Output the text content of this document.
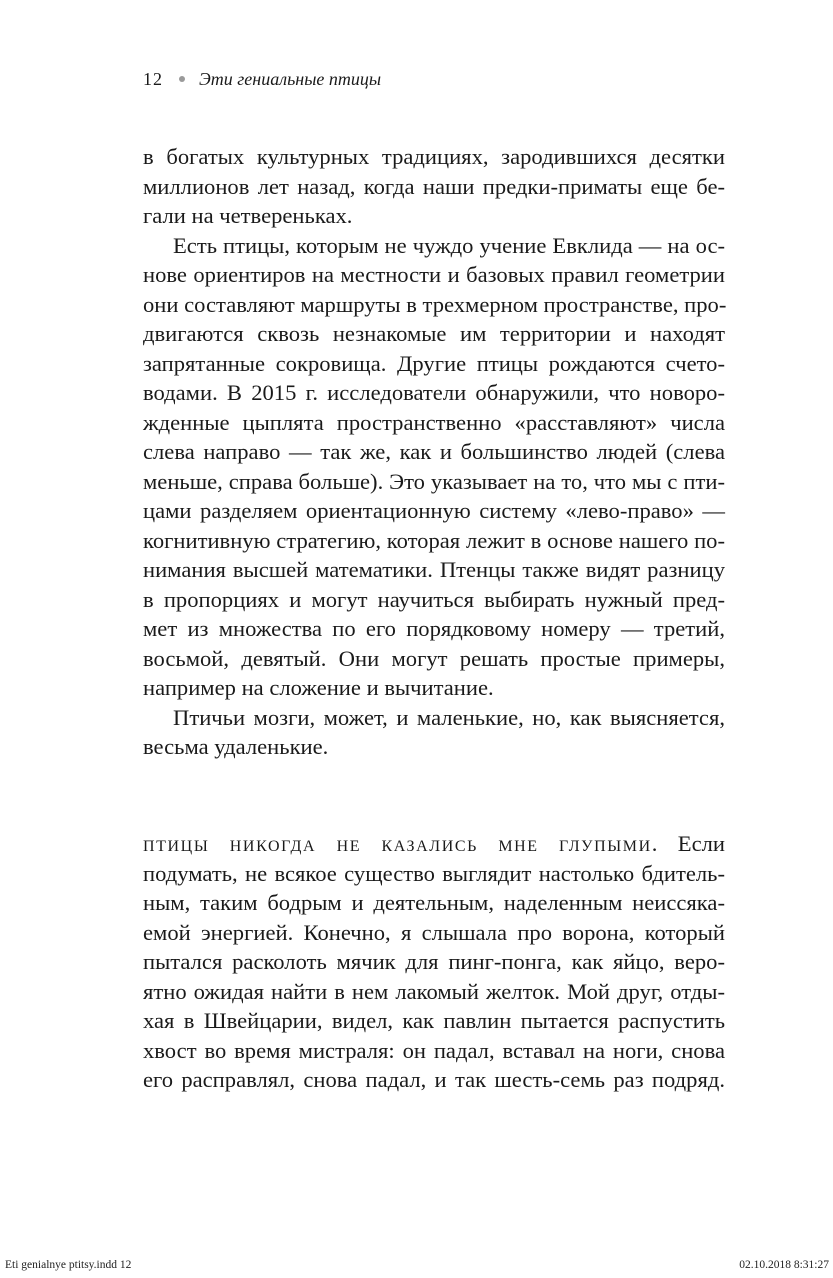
12 Эти гениальные птицы
в богатых культурных традициях, зародившихся десятки
миллионов лет назад, когда наши предки-приматы еще бе-
гали на четвереньках.
Есть птицы, которым не чуждо учение Евклида — на ос-
нове ориентиров на местности и базовых правил геометрии
они составляют маршруты в трехмерном пространстве, про-
двигаются сквозь незнакомые им территории и находят
запрятанные сокровища. Другие птицы рождаются счето-
водами. В 2015 г. исследователи обнаружили, что новоро-
жденные цыплята пространственно «расставляют» числа
слева направо — так же, как и большинство людей (слева
меньше, справа больше). Это указывает на то, что мы с пти-
цами разделяем ориентационную систему «лево-право» —
когнитивную стратегию, которая лежит в основе нашего по-
нимания высшей математики. Птенцы также видят разницу
в пропорциях и могут научиться выбирать нужный пред-
мет из множества по его порядковому номеру — третий,
восьмой, девятый. Они могут решать простые примеры,
например на сложение и вычитание.
Птичьи мозги, может, и маленькие, но, как выясняется,
весьма удаленькие.
птицы никогда не казались мне глупыми. Если
подумать, не всякое существо выглядит настолько бдитель-
ным, таким бодрым и деятельным, наделенным неиссяка-
емой энергией. Конечно, я слышала про ворона, который
пытался расколоть мячик для пинг-понга, как яйцо, веро-
ятно ожидая найти в нем лакомый желток. Мой друг, отды-
хая в Швейцарии, видел, как павлин пытается распустить
хвост во время мистраля: он падал, вставал на ноги, снова
его расправлял, снова падал, и так шесть-семь раз подряд.
Eti genialnye ptitsy.indd 12	02.10.2018 8:31:27
